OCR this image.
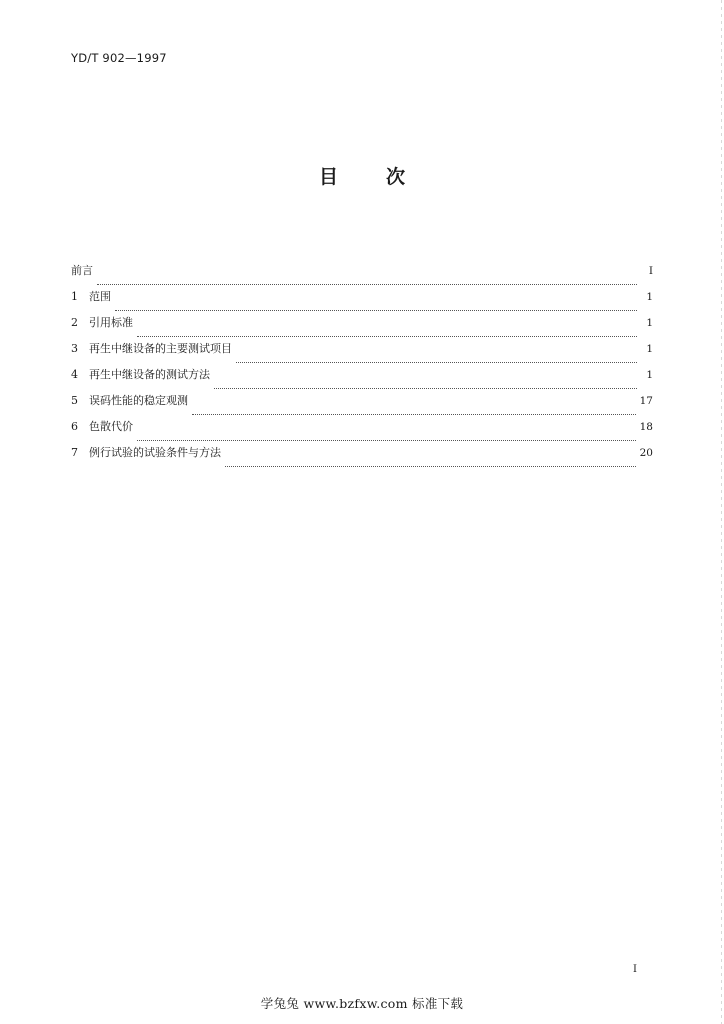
YD/T 902—1997
目	次
前言	I
1	范围	1
2	引用标准	1
3	再生中继设备的主要测试项目	1
4	再生中继设备的测试方法	1
5	误码性能的稳定观测	17
6	色散代价	18
7	例行试验的试验条件与方法	20
I
学兔兔 www.bzfxw.com 标准下载
